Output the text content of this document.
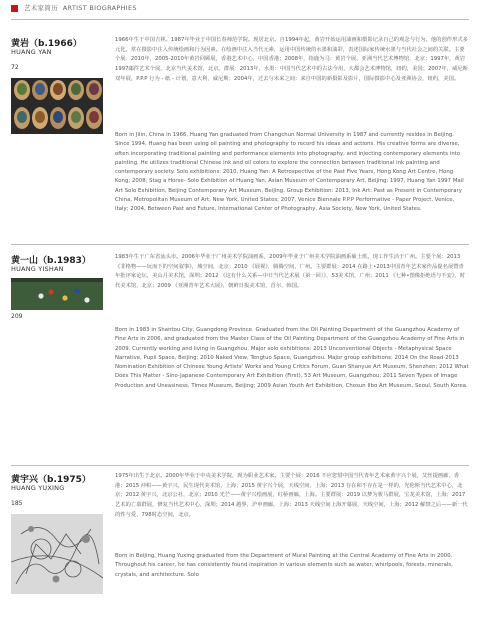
艺术家简历 ARTIST BIOGRAPHIES
黄岩（b.1966）
HUANG YAN
72

1966年生于中国吉林。1987年毕业于中国长春师范学院。现居北京。自1994年起，黄岩开始运用油画和摄影记录自己的观念与行为。他的创作形式多元化，常在摄影中注入传统绘画和行为因素。在绘画中注入当代元素，运用中国传统的水墨和油彩，表述国际家传统水墨与当代社会之间的关联。主要个展：2010年，2005-2010年黄岩回顾展，香港艺术中心，中国香港；2008年，指鹿为马：黄岩个展，亚洲当代艺术博物馆，北京；1997年，黄岩1997邮件艺术个展，北京当代美术馆，北京。群展：2013年，水墨：中国当代艺术中的古法今用，大都会艺术博物馆，纽约，美国；2007年，威尼斯双年展，P.P.P 行为 - 纸 - 计划，意大利，威尼斯；2004年，过去与未来之间：来自中国的新摄影及影片，国际摄影中心及亚洲协会，纽约，美国。

Born in Jilin, China in 1966, Huang Yan graduated from Changchun Normal University in 1987 and currently resides in Beijing. Since 1994, Huang has been using oil painting and photography to record his ideas and actions. His creative forms are diverse, often incorporating traditional painting and performance elements into photography, and injecting contemporary elements into painting. He utilizes traditional Chinese ink and oil colors to explore the connection between traditional ink painting and contemporary society. Solo exhibitions: 2010, Huang Yan: A Retrospective of the Past Five Years, Hong Kong Art Centre, Hong Kong; 2008, Stag a Horse- Solo Exhibition of Huang Yan, Asian Museum of Contemporary Art, Beijing; 1997, Huang Yan 1997 Mail Art Solo Exhibition, Beijing Contemporary Art Museum, Beijing. Group Exhibition: 2013, Ink Art: Past as Present in Contemporary China, Metropolitan Museum of Art, New York, United States; 2007, Venice Biennale P.P.P Performative - Paper Project, Venice, Italy; 2004, Between Past and Future, International Center of Photography, Asia Society, New York, United States.

黄一山（b.1983）
HUANG YISHAN
209

1983年生于广东省汕头市。2006年毕业于广州美术学院油画系，2009年毕业于广州美术学院油画系硕士班。现工作生活于广州。主要个展：2013 《非格物——玩而下的空间叙事》，墟空间，北京；2010 《展视》，腾腾空间，广州。主要群展：2014 在路上•2013中国青年艺术家作品提名展暨青年批评家论坛，美山月美术馆，深圳；2012 《这有什么关系—中日当代艺术展（第一回）》，53美术馆，广州；2011 《七种•图像拒绝语与不安》，时代美术馆，北京；2009 《亚洲青年艺术大展》，朝鲜日报美术馆，首尔，韩国。

Born in 1983 in Shantou City, Guangdong Province. Graduated from the Oil Painting Department of the Guangzhou Academy of Fine Arts in 2006, and graduated from the Master Class of the Oil Painting Department of the Guangzhou Academy of Fine Arts in 2009. Currently working and living in Guangzhou. Major solo exhibitions: 2013 Unconventional Objects - Metaphysical Space Narrative, Pupil Space, Beijing; 2010 Naked View, Tengtuo Space, Guangzhou. Major group exhibitions: 2014 On the Road·2013 Nomination Exhibition of Chinese Young Artists' Works and Young Critics Forum, Guan Shanyue Art Museum, Shenzhen; 2012 What Does This Matter - Sino-Japanese Contemporary Art Exhibition (First), 53 Art Museum, Guangzhou; 2011 Seven Types of Image Production and Uneasiness, Times Museum, Beijing; 2009 Asian Youth Art Exhibition, Chosun Ilbo Art Museum, Seoul, South Korea.

黄宇兴（b.1975）
HUANG YUXING
185

1975年出生于北京。2000年毕业于中央美术学院，现为职业艺术家。主要个展：2016 不应您惜中国当代青年艺术家黄宇兴个展，艾丝提画廊，香港；2015 冲积——黄宇兴，民生现代美术馆，上海；2015 黄宇兴个展，天线空间，上海；2013 存在和不存在是一样的，光伦斯当代艺术中心，北京；2012 黄宇兴，北京公社，北京；2010 光芒——黄宇兴绘画展，红桥画廊，上海。主要群展：2019 以梦为骏马群展，宝龙美术馆，上海；2017 艺术的亡慕群展，修复当代艺术中心，深圳；2014 越界，沪申画廊，上海；2013 天线空间上海开幕展，天线空间，上海；2012 解禁之后——新一代的性与爱，798时态空间，北京。

Born in Beijing, Huang Yuxing graduated from the Department of Mural Painting at the Central Academy of Fine Arts in 2000. Throughout his career, he has consistently found inspiration in various elements such as water, whirlpools, forests, minerals, crystals, and architecture. Solo
